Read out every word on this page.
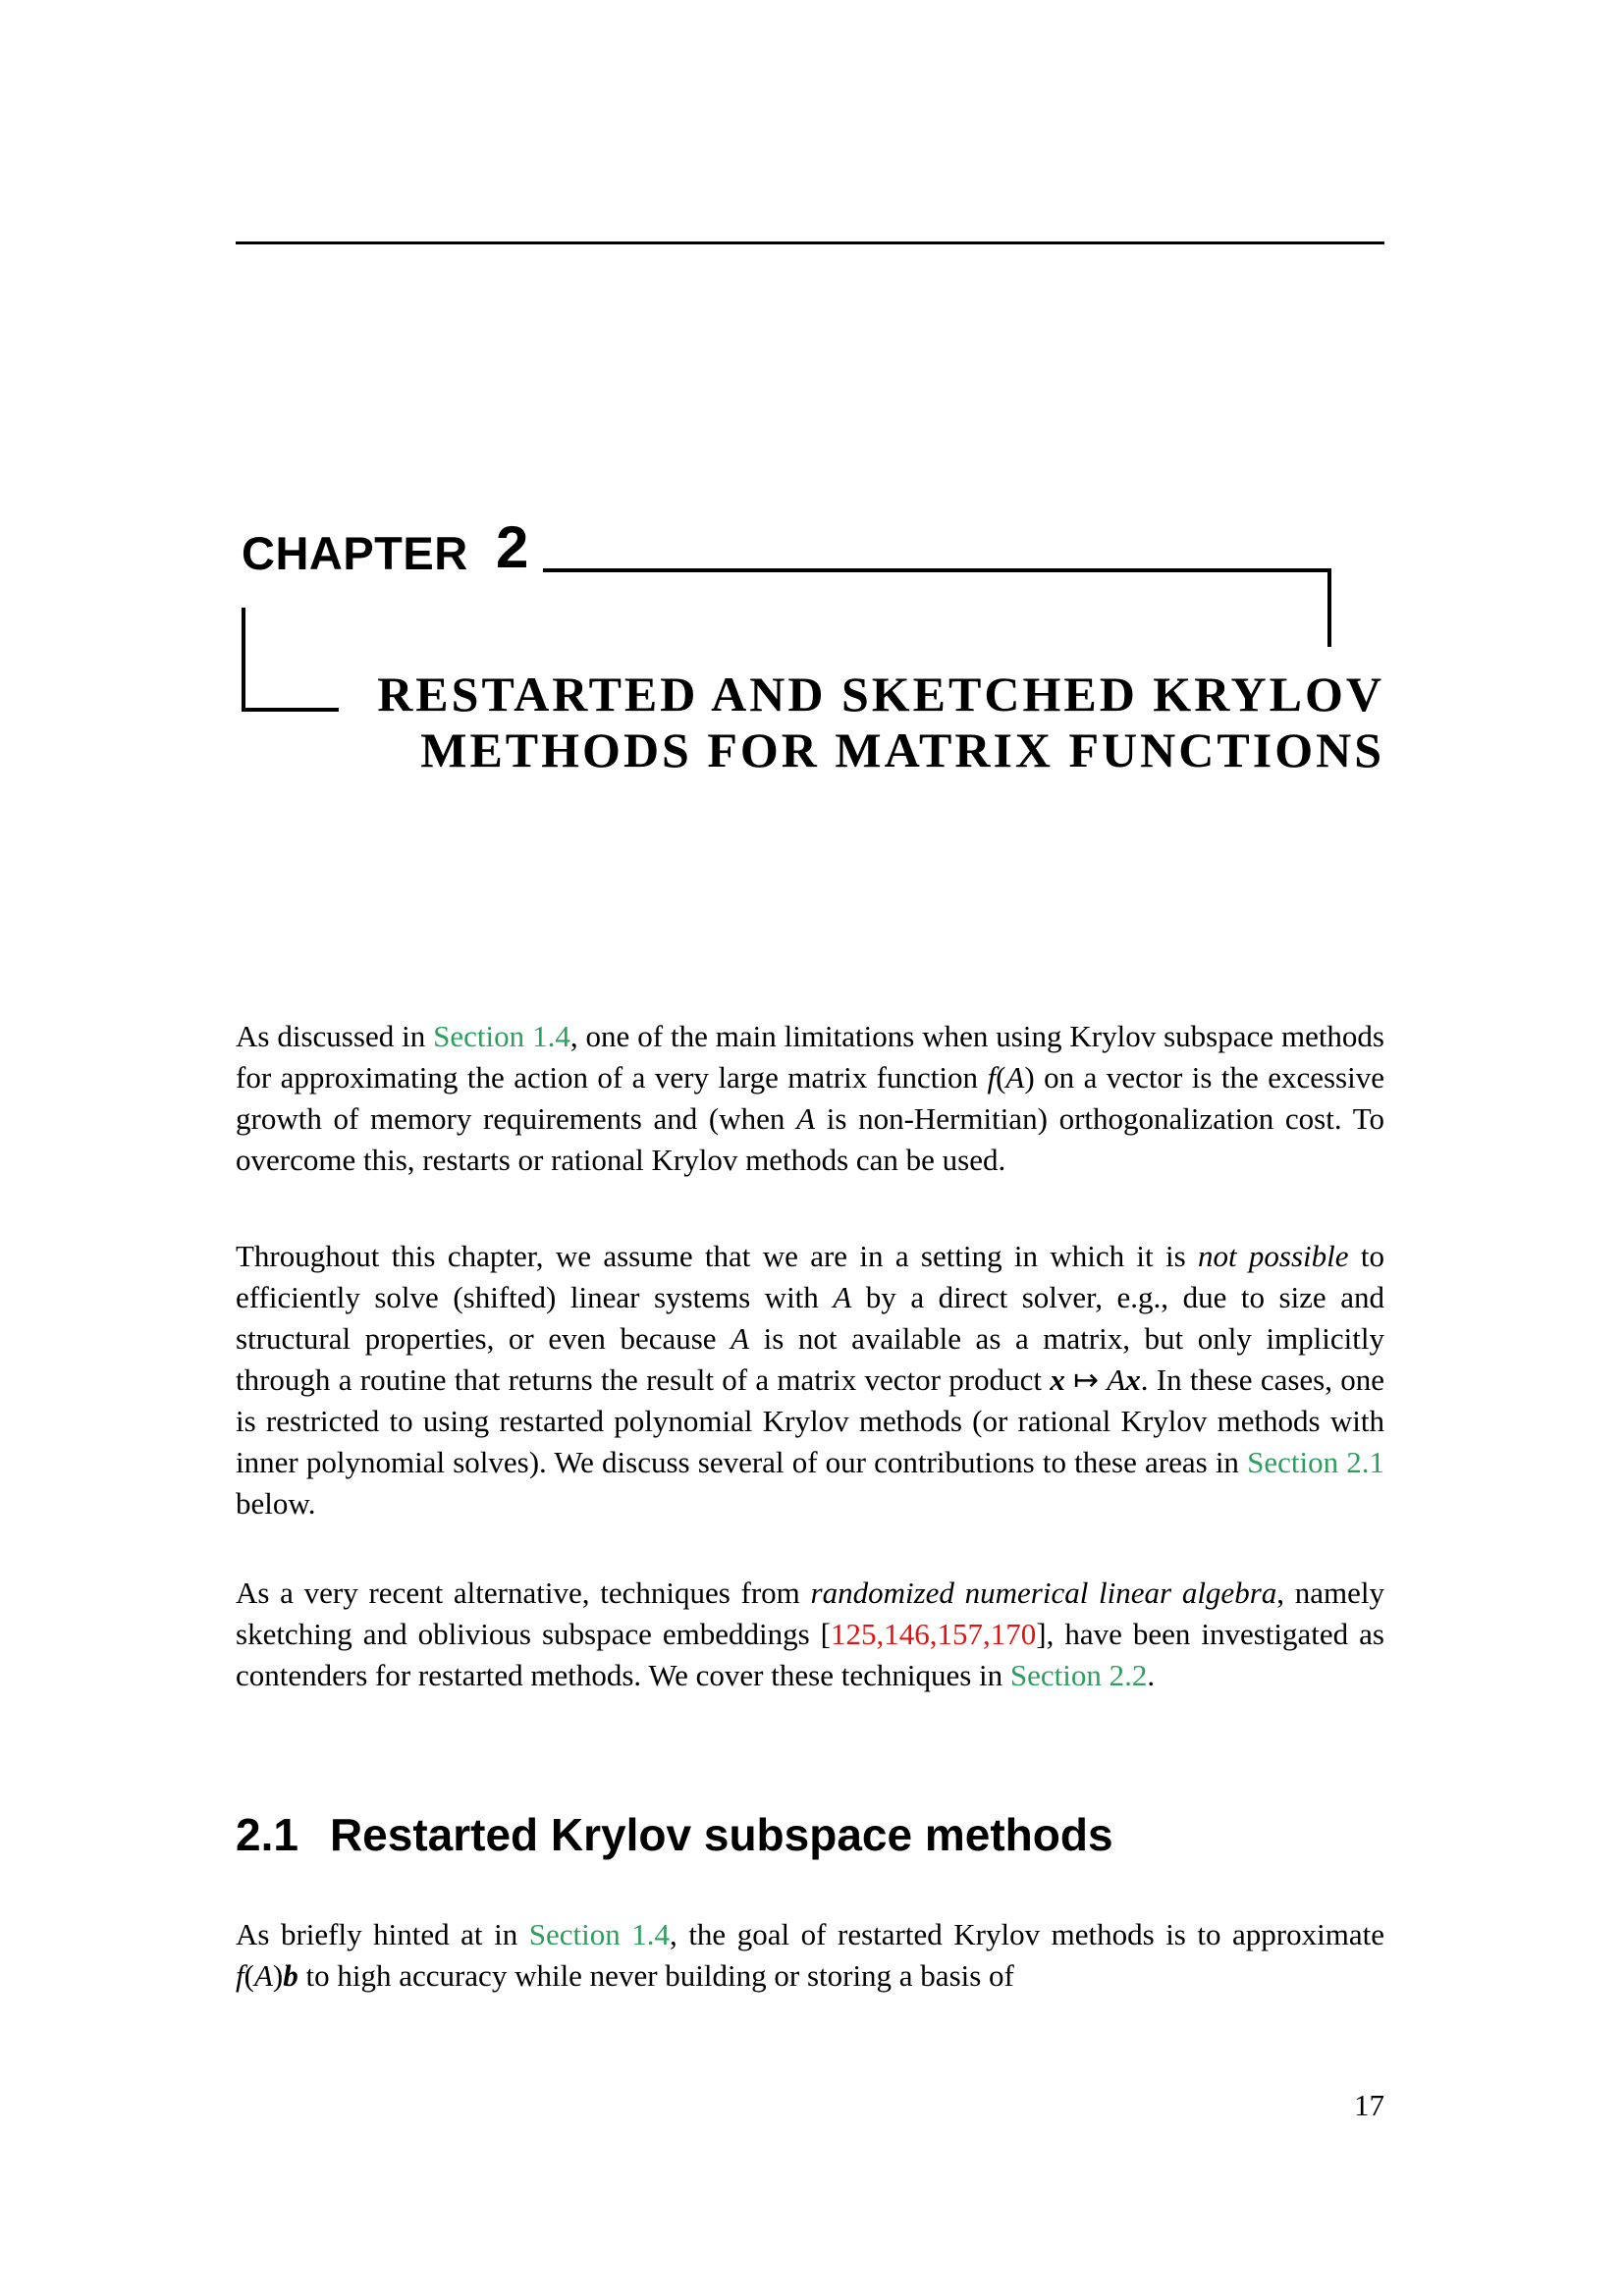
CHAPTER 2
RESTARTED AND SKETCHED KRYLOV
METHODS FOR MATRIX FUNCTIONS

As discussed in Section 1.4, one of the main limitations when using Krylov subspace methods for approximating the action of a very large matrix function f(A) on a vector is the excessive growth of memory requirements and (when A is non-Hermitian) orthogonalization cost. To overcome this, restarts or rational Krylov methods can be used.

Throughout this chapter, we assume that we are in a setting in which it is not possible to efficiently solve (shifted) linear systems with A by a direct solver, e.g., due to size and structural properties, or even because A is not available as a matrix, but only implicitly through a routine that returns the result of a matrix vector product x ↦ Ax. In these cases, one is restricted to using restarted polynomial Krylov methods (or rational Krylov methods with inner polynomial solves). We discuss several of our contributions to these areas in Section 2.1 below.

As a very recent alternative, techniques from randomized numerical linear algebra, namely sketching and oblivious subspace embeddings [125,146,157,170], have been investigated as contenders for restarted methods. We cover these techniques in Section 2.2.

2.1 Restarted Krylov subspace methods

As briefly hinted at in Section 1.4, the goal of restarted Krylov methods is to approximate f(A)b to high accuracy while never building or storing a basis of

17
